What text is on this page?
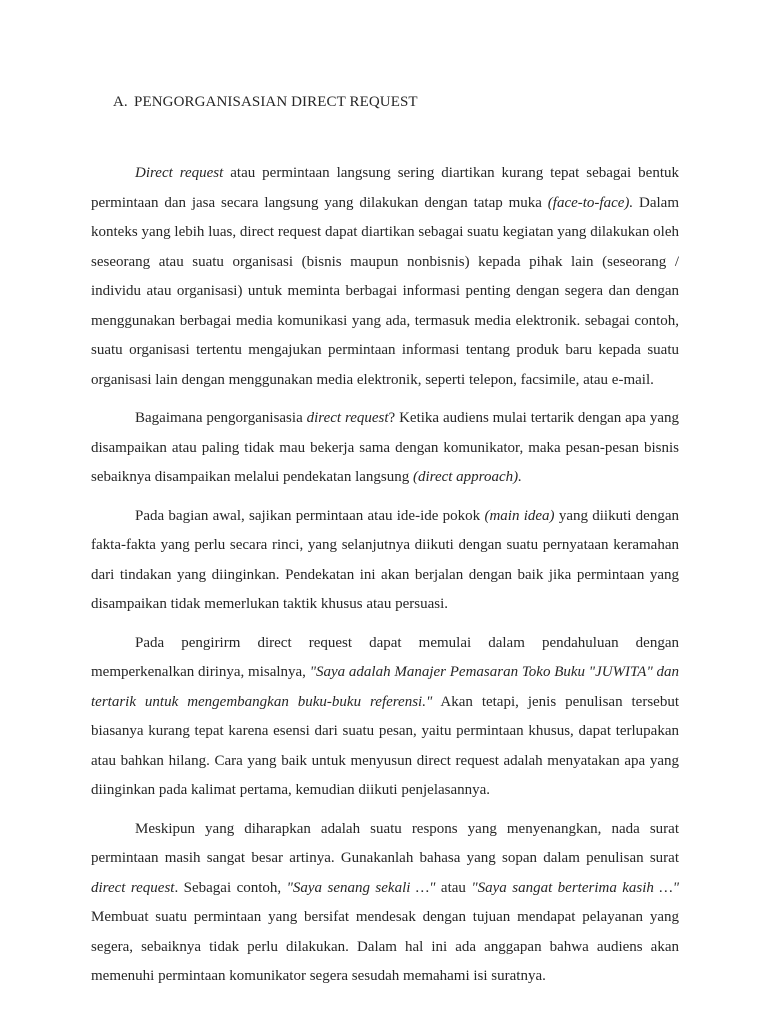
A. PENGORGANISASIAN DIRECT REQUEST

Direct request atau permintaan langsung sering diartikan kurang tepat sebagai bentuk permintaan dan jasa secara langsung yang dilakukan dengan tatap muka (face-to-face). Dalam konteks yang lebih luas, direct request dapat diartikan sebagai suatu kegiatan yang dilakukan oleh seseorang atau suatu organisasi (bisnis maupun nonbisnis) kepada pihak lain (seseorang / individu atau organisasi) untuk meminta berbagai informasi penting dengan segera dan dengan menggunakan berbagai media komunikasi yang ada, termasuk media elektronik. sebagai contoh, suatu organisasi tertentu mengajukan permintaan informasi tentang produk baru kepada suatu organisasi lain dengan menggunakan media elektronik, seperti telepon, facsimile, atau e-mail.

Bagaimana pengorganisasia direct request? Ketika audiens mulai tertarik dengan apa yang disampaikan atau paling tidak mau bekerja sama dengan komunikator, maka pesan-pesan bisnis sebaiknya disampaikan melalui pendekatan langsung (direct approach).

Pada bagian awal, sajikan permintaan atau ide-ide pokok (main idea) yang diikuti dengan fakta-fakta yang perlu secara rinci, yang selanjutnya diikuti dengan suatu pernyataan keramahan dari tindakan yang diinginkan. Pendekatan ini akan berjalan dengan baik jika permintaan yang disampaikan tidak memerlukan taktik khusus atau persuasi.

Pada pengirirm direct request dapat memulai dalam pendahuluan dengan memperkenalkan dirinya, misalnya, "Saya adalah Manajer Pemasaran Toko Buku "JUWITA" dan tertarik untuk mengembangkan buku-buku referensi." Akan tetapi, jenis penulisan tersebut biasanya kurang tepat karena esensi dari suatu pesan, yaitu permintaan khusus, dapat terlupakan atau bahkan hilang. Cara yang baik untuk menyusun direct request adalah menyatakan apa yang diinginkan pada kalimat pertama, kemudian diikuti penjelasannya.

Meskipun yang diharapkan adalah suatu respons yang menyenangkan, nada surat permintaan masih sangat besar artinya. Gunakanlah bahasa yang sopan dalam penulisan surat direct request. Sebagai contoh, "Saya senang sekali …" atau "Saya sangat berterima kasih …" Membuat suatu permintaan yang bersifat mendesak dengan tujuan mendapat pelayanan yang segera, sebaiknya tidak perlu dilakukan. Dalam hal ini ada anggapan bahwa audiens akan memenuhi permintaan komunikator segera sesudah memahami isi suratnya.
